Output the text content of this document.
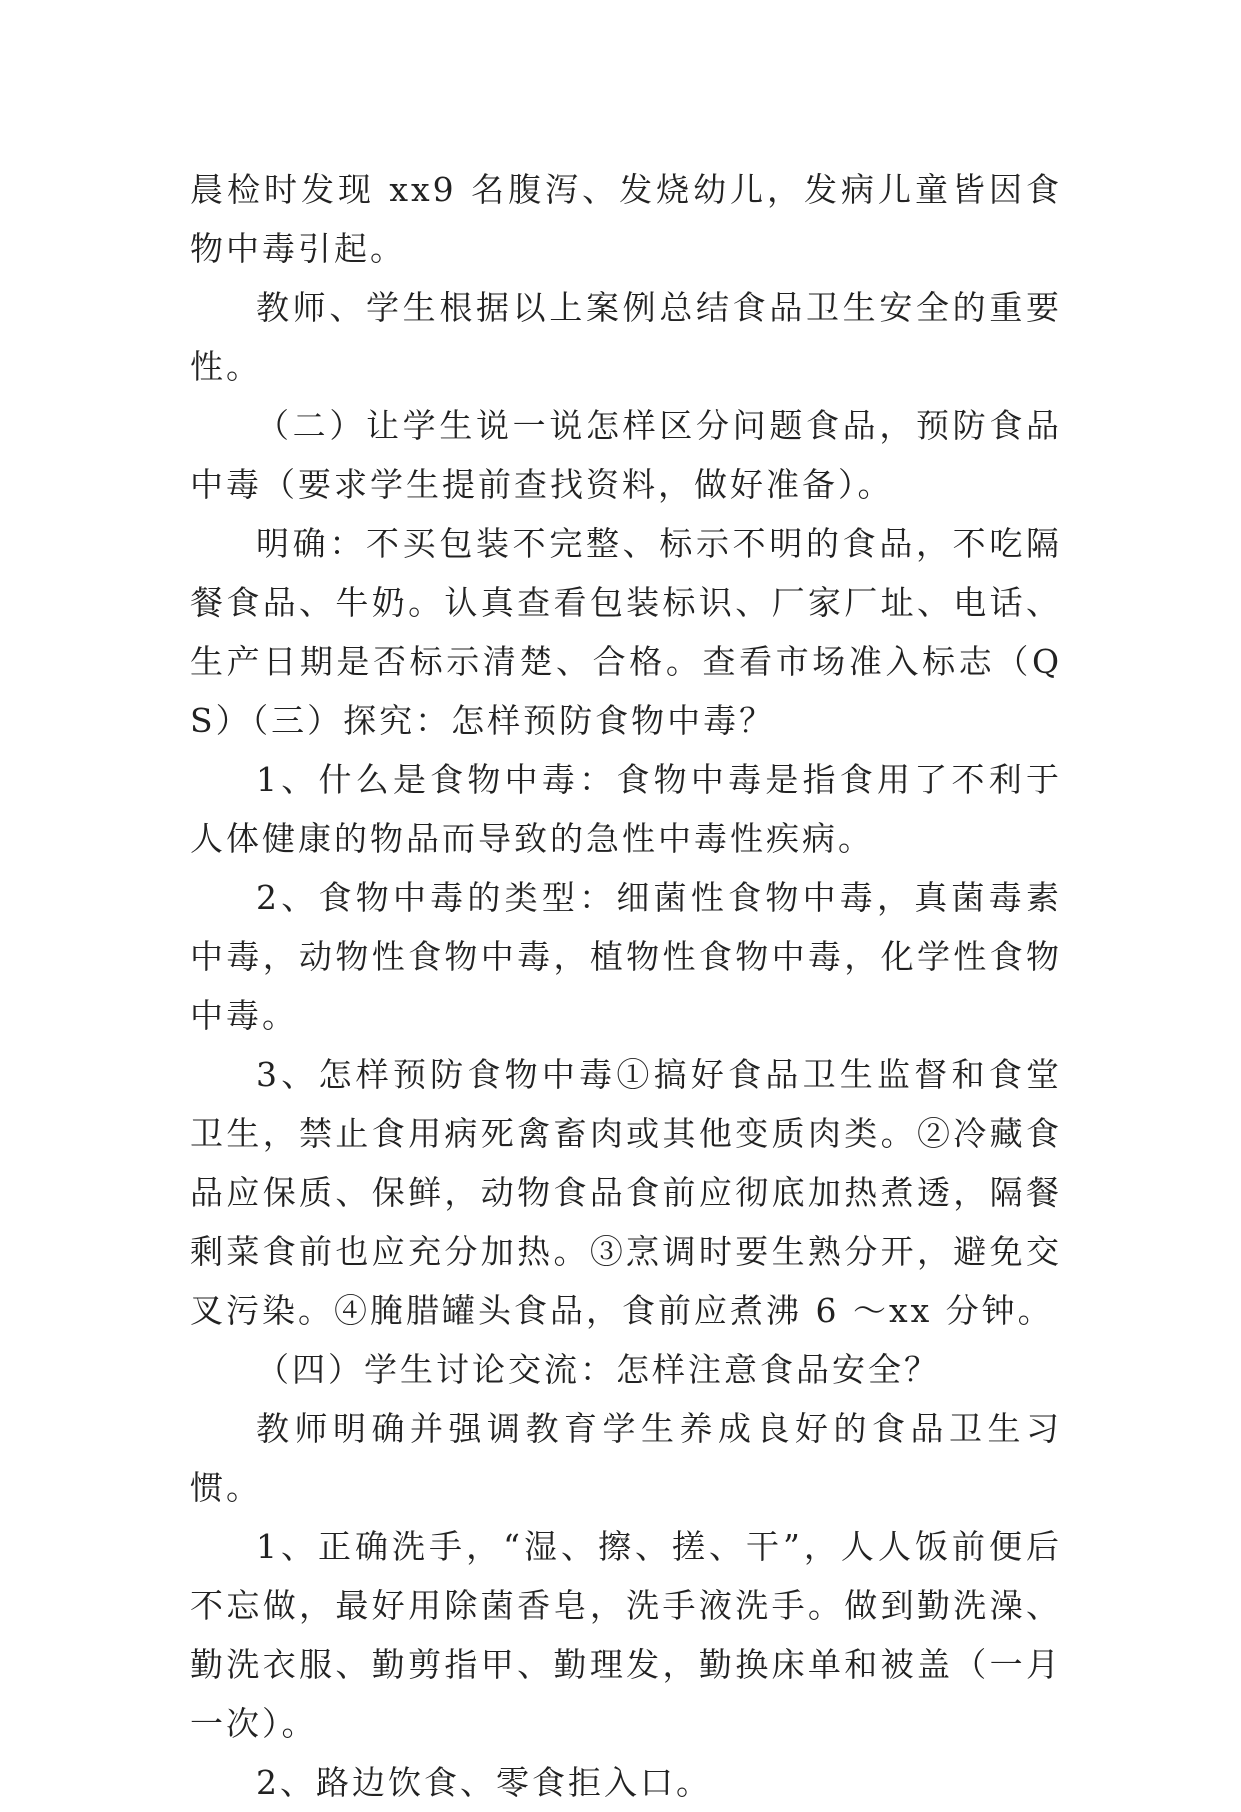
晨检时发现 xx9 名腹泻、发烧幼儿，发病儿童皆因食物中毒引起。

教师、学生根据以上案例总结食品卫生安全的重要性。

（二）让学生说一说怎样区分问题食品，预防食品中毒（要求学生提前查找资料，做好准备）。

明确：不买包装不完整、标示不明的食品，不吃隔餐食品、牛奶。认真查看包装标识、厂家厂址、电话、生产日期是否标示清楚、合格。查看市场准入标志（QS）（三）探究：怎样预防食物中毒？

1、什么是食物中毒：食物中毒是指食用了不利于人体健康的物品而导致的急性中毒性疾病。

2、食物中毒的类型：细菌性食物中毒，真菌毒素中毒，动物性食物中毒，植物性食物中毒，化学性食物中毒。

3、怎样预防食物中毒①搞好食品卫生监督和食堂卫生，禁止食用病死禽畜肉或其他变质肉类。②冷藏食品应保质、保鲜，动物食品食前应彻底加热煮透，隔餐剩菜食前也应充分加热。③烹调时要生熟分开，避免交叉污染。④腌腊罐头食品，食前应煮沸 6 ～xx 分钟。

（四）学生讨论交流：怎样注意食品安全？

教师明确并强调教育学生养成良好的食品卫生习惯。

1、正确洗手，“湿、擦、搓、干”，人人饭前便后不忘做，最好用除菌香皂，洗手液洗手。做到勤洗澡、勤洗衣服、勤剪指甲、勤理发，勤换床单和被盖（一月一次）。

2、路边饮食、零食拒入口。
